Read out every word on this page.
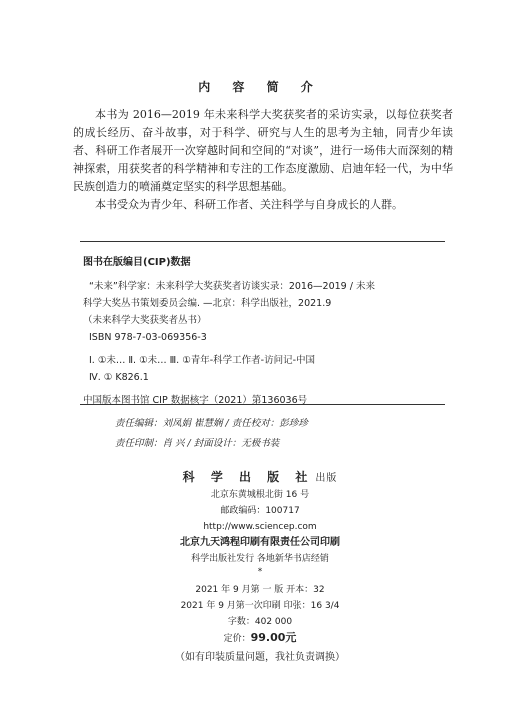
内 容 简 介

本书为 2016—2019 年未来科学大奖获奖者的采访实录，以每位获奖者的成长经历、奋斗故事，对于科学、研究与人生的思考为主轴，同青少年读者、科研工作者展开一次穿越时间和空间的“对谈”，进行一场伟大而深刻的精神探索，用获奖者的科学精神和专注的工作态度激励、启迪年轻一代，为中华民族创造力的喷涌奠定坚实的科学思想基础。

本书受众为青少年、科研工作者、关注科学与自身成长的人群。

图书在版编目(CIP)数据
“未来”科学家：未来科学大奖获奖者访谈实录：2016—2019 / 未来
科学大奖丛书策划委员会编. —北京：科学出版社，2021.9
（未来科学大奖获奖者丛书）
ISBN 978-7-03-069356-3
Ⅰ. ①未… Ⅱ. ①未… Ⅲ. ①青年-科学工作者-访问记-中国
Ⅳ. ① K826.1
中国版本图书馆 CIP 数据核字（2021）第136036号
责任编辑：刘凤娟 崔慧娴 / 责任校对：彭珍珍
责任印制：肖 兴 / 封面设计：无极书装
科 学 出 版 社 出版
北京东黄城根北街 16 号
邮政编码：100717
http://www.sciencep.com
北京九天鸿程印刷有限责任公司印刷
科学出版社发行 各地新华书店经销
*
2021 年 9 月第 一 版 开本：32
2021 年 9 月第一次印刷 印张：16 3/4
字数：402 000
定价：99.00元
（如有印装质量问题，我社负责调换）
